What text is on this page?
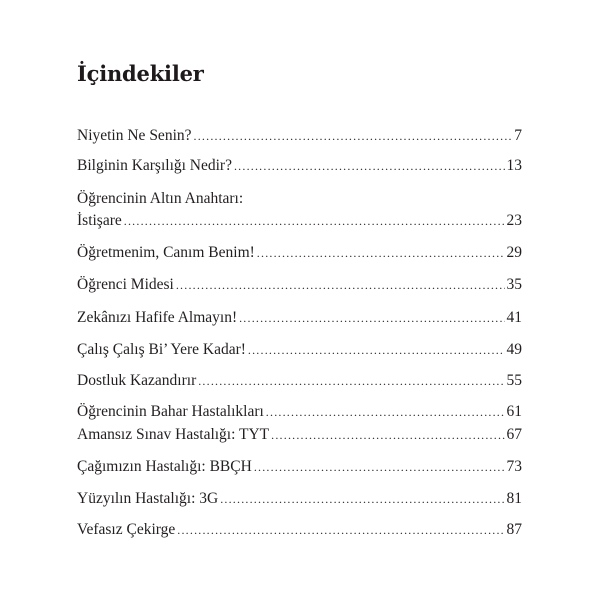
İçindekiler
Niyetin Ne Senin? .....	7
Bilginin Karşılığı Nedir? .....	13
Öğrencinin Altın Anahtarı:
İstişare .....	23
Öğretmenim, Canım Benim! .....	29
Öğrenci Midesi .....	35
Zekânızı Hafife Almayın! .....	41
Çalış Çalış Bi’ Yere Kadar! .....	49
Dostluk Kazandırır .....	55
Öğrencinin Bahar Hastalıkları .....	61
Amansız Sınav Hastalığı: TYT .....	67
Çağımızın Hastalığı: BBÇH .....	73
Yüzyılın Hastalığı: 3G .....	81
Vefasız Çekirge .....	87
